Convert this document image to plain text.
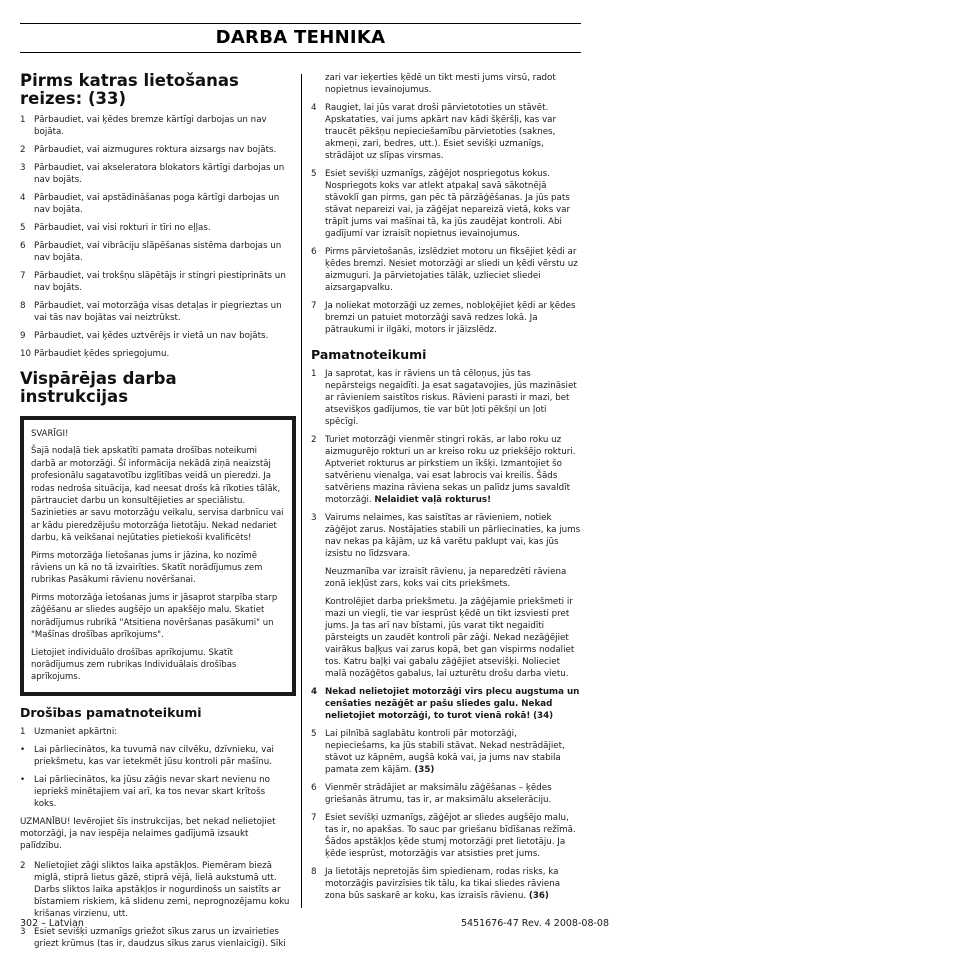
DARBA TEHNIKA
Pirms katras lietošanas reizes: (33)
1 Pārbaudiet, vai ķēdes bremze kārtīgi darbojas un nav bojāta.
2 Pārbaudiet, vai aizmugures roktura aizsargs nav bojāts.
3 Pārbaudiet, vai akseleratora blokators kārtīgi darbojas un nav bojāts.
4 Pārbaudiet, vai apstādināšanas poga kārtīgi darbojas un nav bojāta.
5 Pārbaudiet, vai visi rokturi ir tīri no eļļas.
6 Pārbaudiet, vai vibrāciju slāpēšanas sistēma darbojas un nav bojāta.
7 Pārbaudiet, vai trokšņu slāpētājs ir stingri piestiprināts un nav bojāts.
8 Pārbaudiet, vai motorzāģa visas detaļas ir piegrieztas un vai tās nav bojātas vai neiztrūkst.
9 Pārbaudiet, vai ķēdes uztvērējs ir vietā un nav bojāts.
10 Pārbaudiet ķēdes spriegojumu.
Vispārējas darba instrukcijas
SVARĪGI!
Šajā nodaļā tiek apskatīti pamata drošības noteikumi darbā ar motorzāģi. Šī informācija nekādā ziņā neaizstāj profesionālu sagatavotību izglītības veidā un pieredzi. Ja rodas nedroša situācija, kad neesat drošs kā rīkoties tālāk, pārtrauciet darbu un konsultējieties ar speciālistu. Sazinieties ar savu motorzāģu veikalu, servisa darbnīcu vai ar kādu pieredzējušu motorzāģa lietotāju. Nekad nedariet darbu, kā veikšanai nejūtaties pietiekoši kvalificēts!
Pirms motorzāģa lietošanas jums ir jāzina, ko nozīmē rāviens un kā no tā izvairīties. Skatīt norādījumus zem rubrikas Pasākumi rāvienu novēršanai.
Pirms motorzāģa ietošanas jums ir jāsaprot starpība starp zāģēšanu ar sliedes augšējo un apakšējo malu. Skatiet norādījumus rubrikā "Atsitiena novēršanas pasākumi" un "Mašīnas drošības aprīkojums".
Lietojiet individuālo drošības aprīkojumu. Skatīt norādījumus zem rubrikas Individuālais drošības aprīkojums.
Drošības pamatnoteikumi
1 Uzmaniet apkārtni:
•	Lai pārliecinātos, ka tuvumā nav cilvēku, dzīvnieku, vai priekšmetu, kas var ietekmēt jūsu kontroli pār mašīnu.
•	Lai pārliecinātos, ka jūsu zāģis nevar skart nevienu no iepriekš minētajiem vai arī, ka tos nevar skart krītošs koks.
UZMANĪBU! Ievērojiet šīs instrukcijas, bet nekad nelietojiet motorzāģi, ja nav iespēja nelaimes gadījumā izsaukt palīdzību.
2 Nelietojiet zāģi sliktos laika apstākļos. Piemēram biezā miglā, stiprā lietus gāzē, stiprā vējā, lielā aukstumā utt. Darbs sliktos laika apstākļos ir nogurdinošs un saistīts ar bīstamiem riskiem, kā slidenu zemi, neprognozējamu koku krišanas virzienu, utt.
3 Esiet sevišķi uzmanīgs griežot sīkus zarus un izvairieties griezt krūmus (tas ir, daudzus sīkus zarus vienlaicīgi). Sīki
zari var ieķerties ķēdē un tikt mesti jums virsū, radot nopietnus ievainojumus.
4 Raugiet, lai jūs varat droši pārvietototies un stāvēt. Apskataties, vai jums apkārt nav kādi šķēršļi, kas var traucēt pēkšņu nepieciešamību pārvietoties (saknes, akmeņi, zari, bedres, utt.). Esiet sevišķi uzmanīgs, strādājot uz slīpas virsmas.
5 Esiet sevišķi uzmanīgs, zāģējot nospriegotus kokus. Nospriegots koks var atlekt atpakaļ savā sākotnējā stāvoklī gan pirms, gan pēc tā pārzāģēšanas. Ja jūs pats stāvat nepareizi vai, ja zāģējat nepareizā vietā, koks var trāpīt jums vai mašīnai tā, ka jūs zaudējat kontroli. Abi gadījumi var izraisīt nopietnus ievainojumus.
6 Pirms pārvietošanās, izslēdziet motoru un fiksējiet ķēdi ar ķēdes bremzi. Nesiet motorzāģi ar sliedi un ķēdi vērstu uz aizmuguri. Ja pārvietojaties tālāk, uzlieciet sliedei aizsargapvalku.
7 Ja noliekat motorzāģi uz zemes, nobloķējiet ķēdi ar ķēdes bremzi un patuiet motorzāģi savā redzes lokā. Ja pātraukumi ir ilgāki, motors ir jāizslēdz.
Pamatnoteikumi
1 Ja saprotat, kas ir rāviens un tā cēloņus, jūs tas nepārsteigs negaidīti. Ja esat sagatavojies, jūs mazināsiet ar rāvieniem saistītos riskus. Rāvieni parasti ir mazi, bet atsevišķos gadījumos, tie var būt ļoti pēkšņi un ļoti spēcīgi.
2 Turiet motorzāģi vienmēr stingri rokās, ar labo roku uz aizmugurējo rokturi un ar kreiso roku uz priekšējo rokturi. Aptveriet rokturus ar pirkstiem un īkšķi. Izmantojiet šo satvērienu vienalga, vai esat labrocis vai kreilis. Šāds satvēriens mazina rāviena sekas un palīdz jums savaldīt motorzāģi. Nelaidiet vaļā rokturus!
3 Vairums nelaimes, kas saistītas ar rāvieniem, notiek zāģējot zarus. Nostājaties stabili un pārliecinaties, ka jums nav nekas pa kājām, uz kā varētu paklupt vai, kas jūs izsistu no līdzsvara.
Neuzmanība var izraisīt rāvienu, ja neparedzēti rāviena zonā iekļūst zars, koks vai cits priekšmets.
Kontrolējiet darba priekšmetu. Ja zāģējamie priekšmeti ir mazi un viegli, tie var iesprūst ķēdē un tikt izsviesti pret jums. Ja tas arī nav bīstami, jūs varat tikt negaidīti pārsteigts un zaudēt kontroli pār zāģi. Nekad nezāģējiet vairākus baļķus vai zarus kopā, bet gan vispirms nodaliet tos. Katru baļķi vai gabalu zāģējiet atsevišķi. Nolieciet malā nozāģētos gabalus, lai uzturētu drošu darba vietu.
4 Nekad nelietojiet motorzāģi virs plecu augstuma un cenšaties nezāģēt ar pašu sliedes galu. Nekad nelietojiet motorzāģi, to turot vienā rokā! (34)
5 Lai pilnībā saglabātu kontroli pār motorzāģi, nepieciešams, ka jūs stabili stāvat. Nekad nestrādājiet, stāvot uz kāpnēm, augšā kokā vai, ja jums nav stabila pamata zem kājām. (35)
6 Vienmēr strādājiet ar maksimālu zāģēšanas – ķēdes griešanās ātrumu, tas ir, ar maksimālu akselerāciju.
7 Esiet sevišķi uzmanīgs, zāģējot ar sliedes augšējo malu, tas ir, no apakšas. To sauc par griešanu bīdīšanas režīmā. Šādos apstākļos ķēde stumj motorzāģi pret lietotāju. Ja ķēde iesprūst, motorzāģis var atsisties pret jums.
8 Ja lietotājs nepretojās šim spiedienam, rodas risks, ka motorzāģis pavirzīsies tik tālu, ka tikai sliedes rāviena zona būs saskarē ar koku, kas izraisīs rāvienu. (36)
302 – Latvian	5451676-47 Rev. 4 2008-08-08
